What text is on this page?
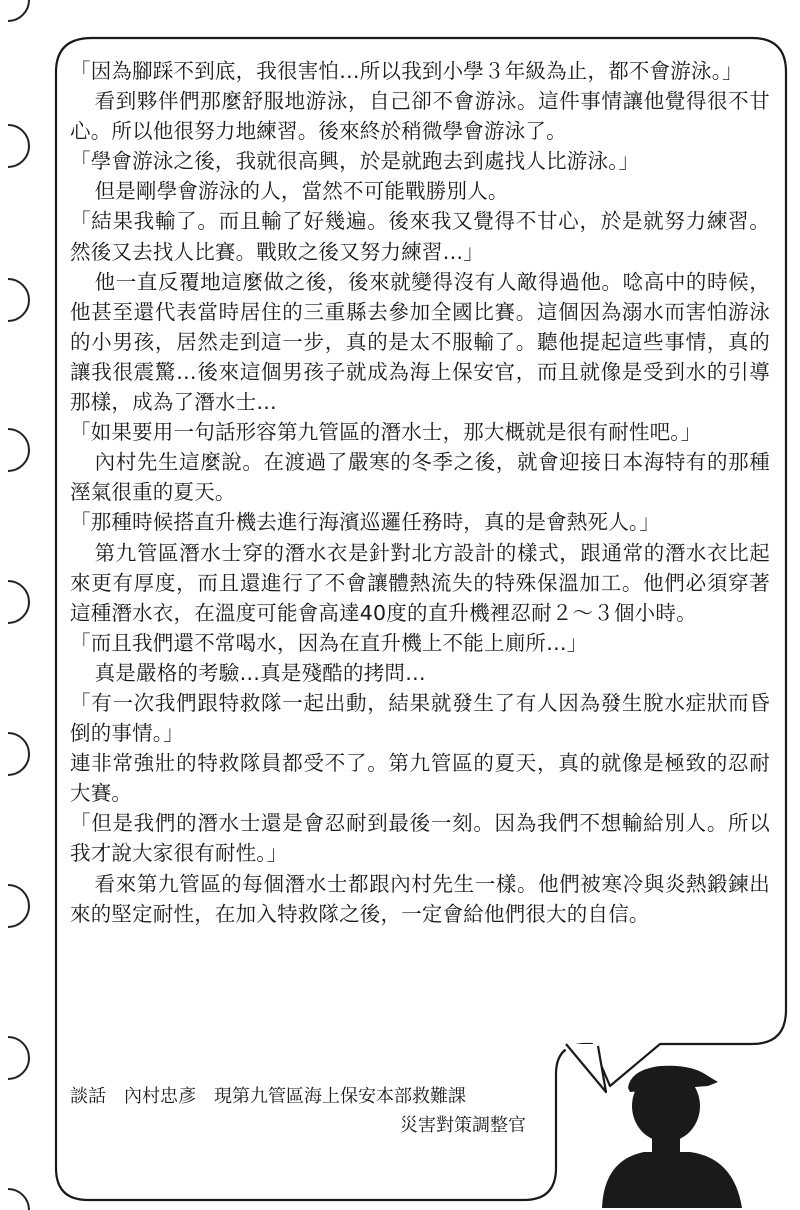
「因為腳踩不到底，我很害怕…所以我到小學３年級為止，都不會游泳。」

看到夥伴們那麼舒服地游泳，自己卻不會游泳。這件事情讓他覺得很不甘心。所以他很努力地練習。後來終於稍微學會游泳了。

「學會游泳之後，我就很高興，於是就跑去到處找人比游泳。」

但是剛學會游泳的人，當然不可能戰勝別人。

「結果我輸了。而且輸了好幾遍。後來我又覺得不甘心，於是就努力練習。然後又去找人比賽。戰敗之後又努力練習…」

他一直反覆地這麼做之後，後來就變得沒有人敵得過他。唸高中的時候，他甚至還代表當時居住的三重縣去參加全國比賽。這個因為溺水而害怕游泳的小男孩，居然走到這一步，真的是太不服輸了。聽他提起這些事情，真的讓我很震驚…後來這個男孩子就成為海上保安官，而且就像是受到水的引導那樣，成為了潛水士…

「如果要用一句話形容第九管區的潛水士，那大概就是很有耐性吧。」

內村先生這麼說。在渡過了嚴寒的冬季之後，就會迎接日本海特有的那種溼氣很重的夏天。

「那種時候搭直升機去進行海濱巡邏任務時，真的是會熱死人。」

第九管區潛水士穿的潛水衣是針對北方設計的樣式，跟通常的潛水衣比起來更有厚度，而且還進行了不會讓體熱流失的特殊保溫加工。他們必須穿著這種潛水衣，在溫度可能會高達40度的直升機裡忍耐２～３個小時。

「而且我們還不常喝水，因為在直升機上不能上廁所…」

真是嚴格的考驗…真是殘酷的拷問…

「有一次我們跟特救隊一起出動，結果就發生了有人因為發生脫水症狀而昏倒的事情。」

連非常強壯的特救隊員都受不了。第九管區的夏天，真的就像是極致的忍耐大賽。

「但是我們的潛水士還是會忍耐到最後一刻。因為我們不想輸給別人。所以我才說大家很有耐性。」

看來第九管區的每個潛水士都跟內村先生一樣。他們被寒冷與炎熱鍛鍊出來的堅定耐性，在加入特救隊之後，一定會給他們很大的自信。

談話　內村忠彥　現第九管區海上保安本部救難課
災害對策調整官
